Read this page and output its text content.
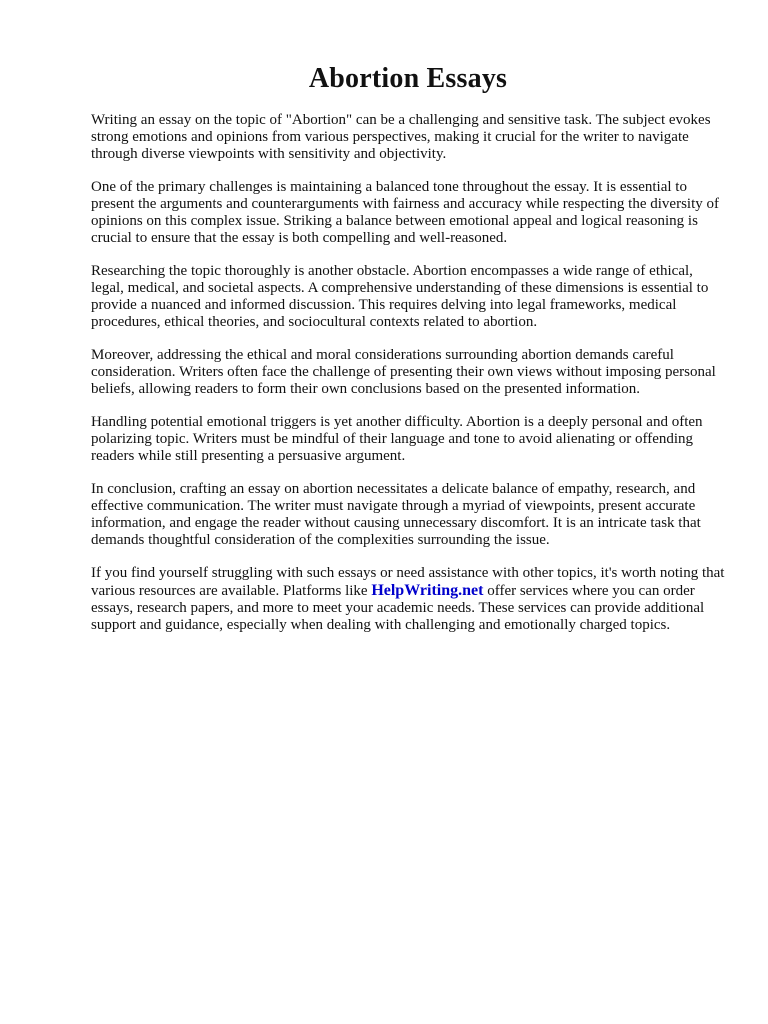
Abortion Essays

Writing an essay on the topic of "Abortion" can be a challenging and sensitive task. The subject evokes strong emotions and opinions from various perspectives, making it crucial for the writer to navigate through diverse viewpoints with sensitivity and objectivity.

One of the primary challenges is maintaining a balanced tone throughout the essay. It is essential to present the arguments and counterarguments with fairness and accuracy while respecting the diversity of opinions on this complex issue. Striking a balance between emotional appeal and logical reasoning is crucial to ensure that the essay is both compelling and well-reasoned.

Researching the topic thoroughly is another obstacle. Abortion encompasses a wide range of ethical, legal, medical, and societal aspects. A comprehensive understanding of these dimensions is essential to provide a nuanced and informed discussion. This requires delving into legal frameworks, medical procedures, ethical theories, and sociocultural contexts related to abortion.

Moreover, addressing the ethical and moral considerations surrounding abortion demands careful consideration. Writers often face the challenge of presenting their own views without imposing personal beliefs, allowing readers to form their own conclusions based on the presented information.

Handling potential emotional triggers is yet another difficulty. Abortion is a deeply personal and often polarizing topic. Writers must be mindful of their language and tone to avoid alienating or offending readers while still presenting a persuasive argument.

In conclusion, crafting an essay on abortion necessitates a delicate balance of empathy, research, and effective communication. The writer must navigate through a myriad of viewpoints, present accurate information, and engage the reader without causing unnecessary discomfort. It is an intricate task that demands thoughtful consideration of the complexities surrounding the issue.

If you find yourself struggling with such essays or need assistance with other topics, it's worth noting that various resources are available. Platforms like HelpWriting.net offer services where you can order essays, research papers, and more to meet your academic needs. These services can provide additional support and guidance, especially when dealing with challenging and emotionally charged topics.
